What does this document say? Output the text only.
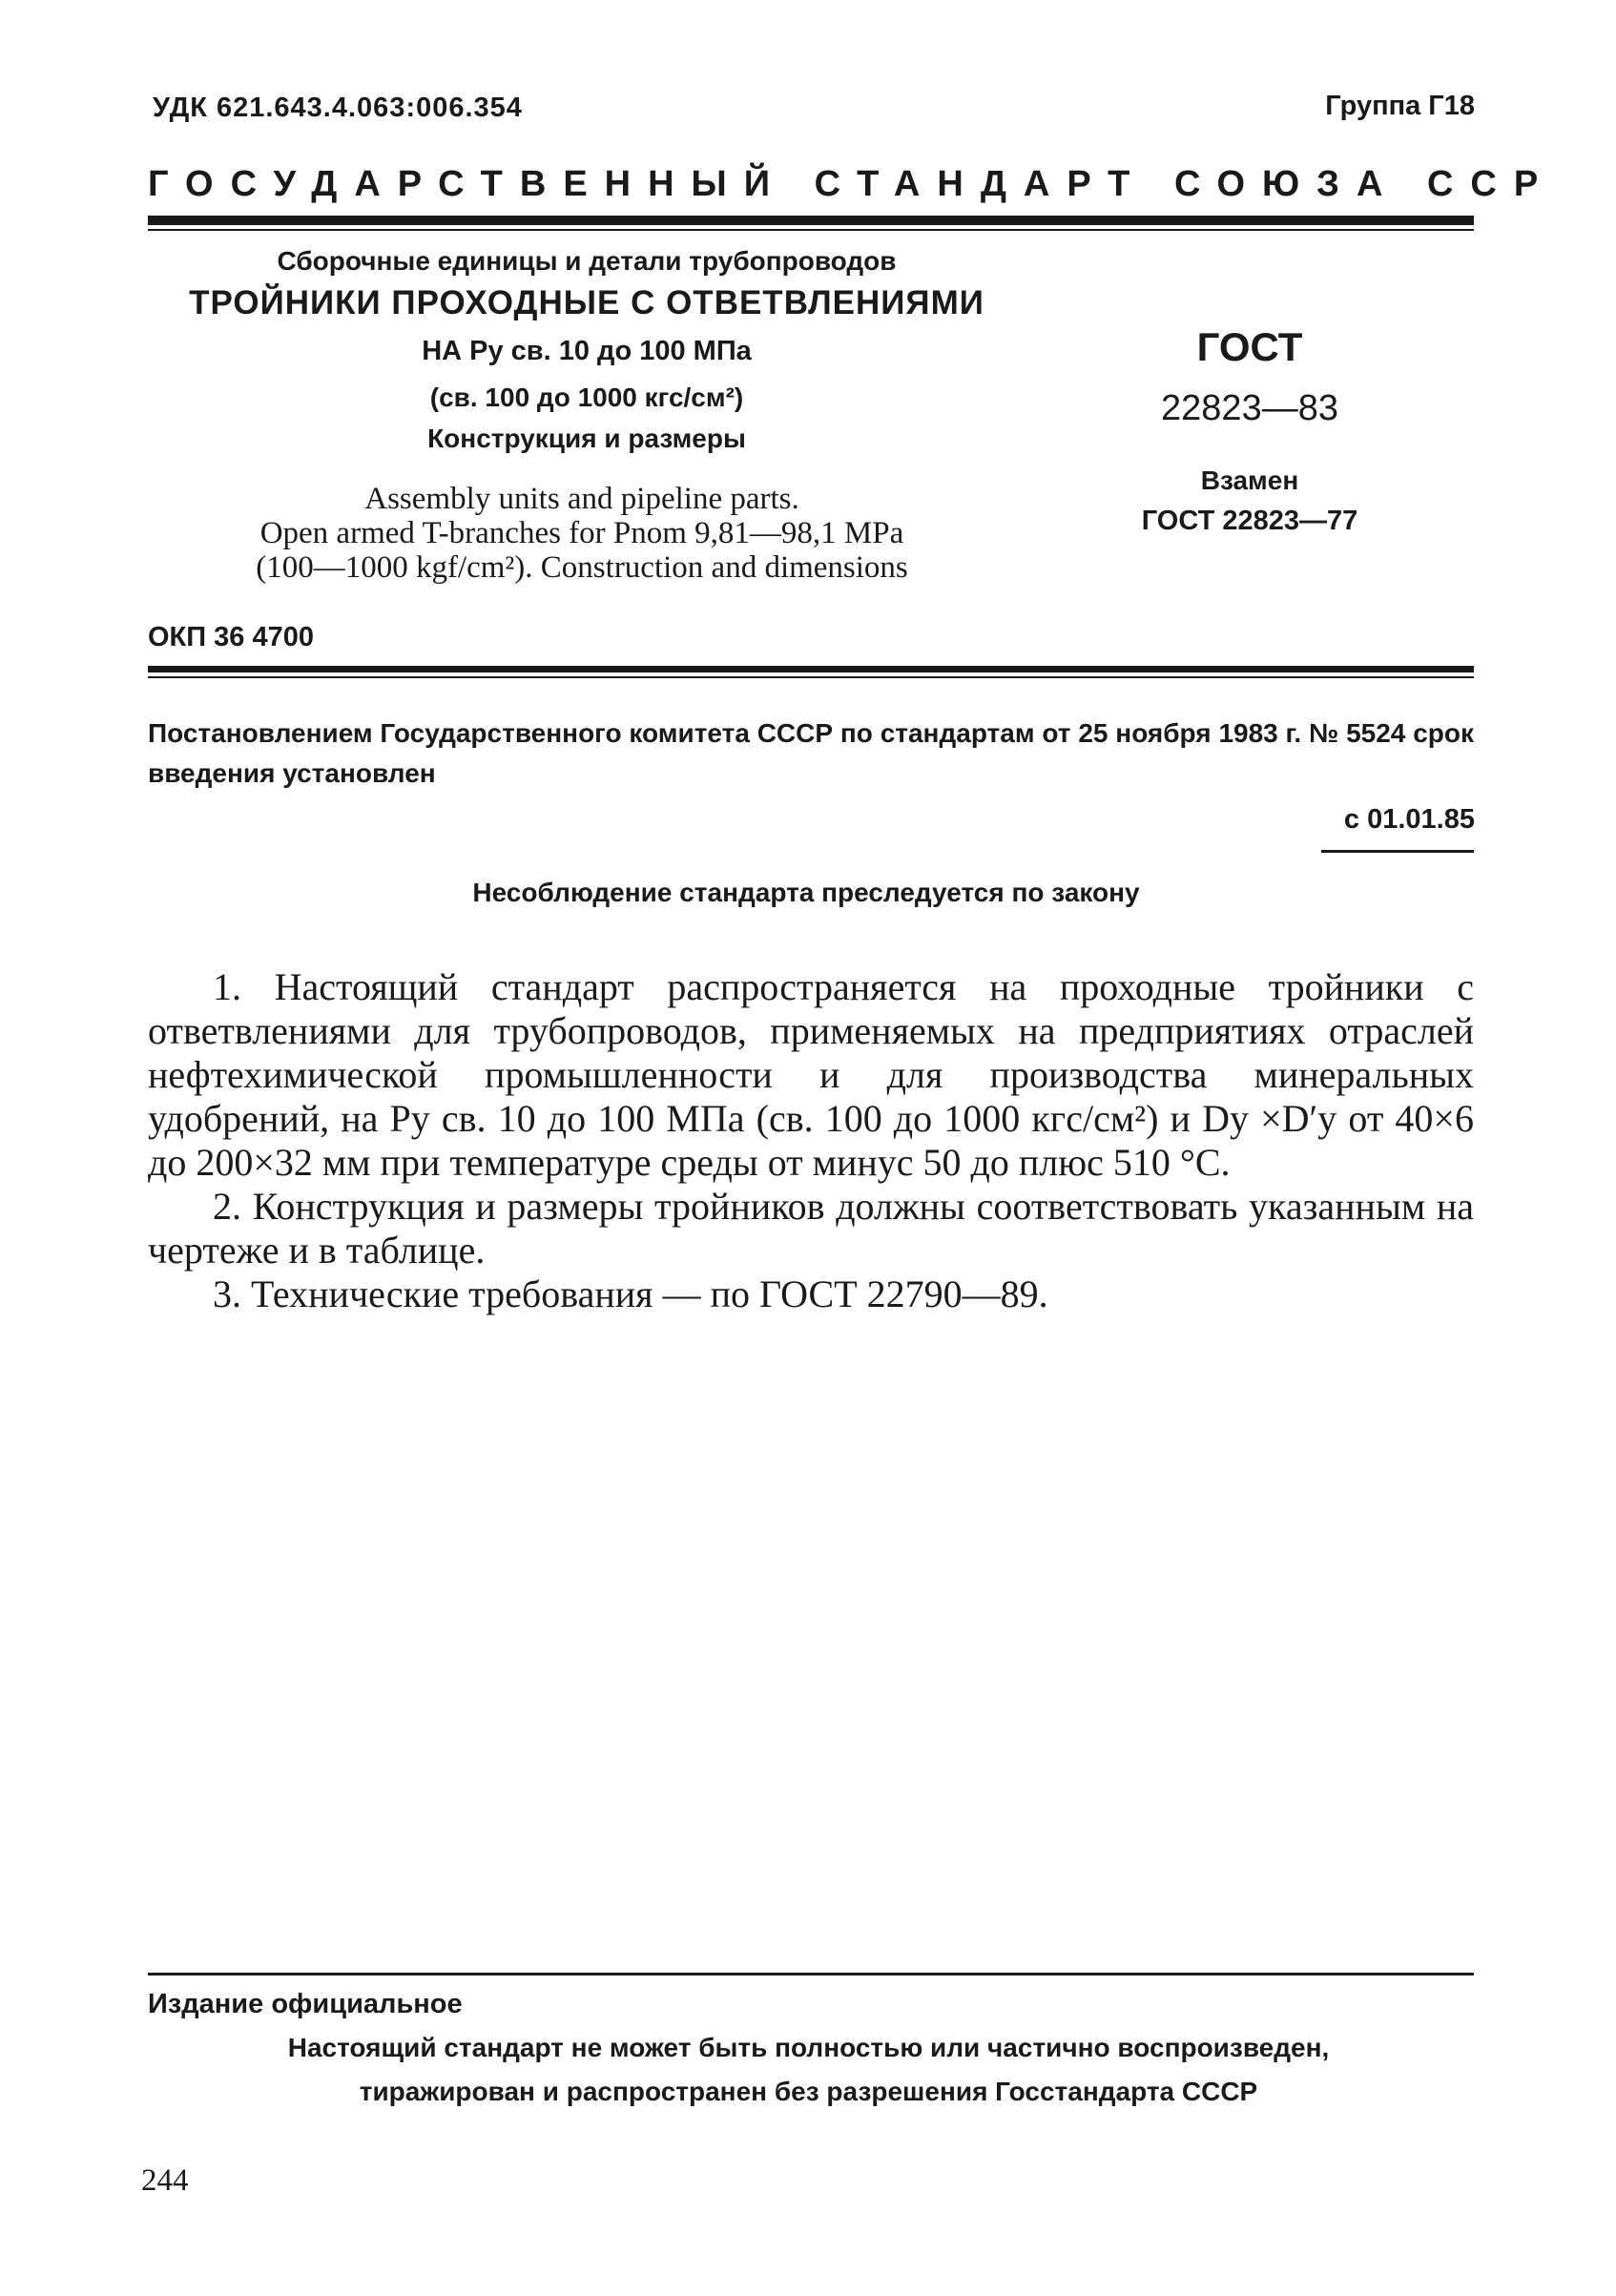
УДК 621.643.4.063:006.354	Группа Г18
ГОСУДАРСТВЕННЫЙ СТАНДАРТ СОЮЗА ССР
Сборочные единицы и детали трубопроводов
ТРОЙНИКИ ПРОХОДНЫЕ С ОТВЕТВЛЕНИЯМИ
НА Pу св. 10 до 100 МПа
(св. 100 до 1000 кгс/см²)
Конструкция и размеры
Assembly units and pipeline parts.
Open armed T-branches for Pnom 9,81—98,1 MPa
(100—1000 kgf/cm²). Construction and dimensions
ГОСТ
22823—83
Взамен
ГОСТ 22823—77
ОКП 36 4700
Постановлением Государственного комитета СССР по стандартам от 25 ноября 1983 г. № 5524 срок введения установлен
с 01.01.85
Несоблюдение стандарта преследуется по закону

1. Настоящий стандарт распространяется на проходные тройники с ответвлениями для трубопроводов, применяемых на предприятиях отраслей нефтехимической промышленности и для производства минеральных удобрений, на Pу св. 10 до 100 МПа (св. 100 до 1000 кгс/см²) и Dу ×D′у от 40×6 до 200×32 мм при температуре среды от минус 50 до плюс 510 °С.

2. Конструкция и размеры тройников должны соответствовать указанным на чертеже и в таблице.

3. Технические требования — по ГОСТ 22790—89.

Издание официальное
Настоящий стандарт не может быть полностью или частично воспроизведен,
тиражирован и распространен без разрешения Госстандарта СССР
244
